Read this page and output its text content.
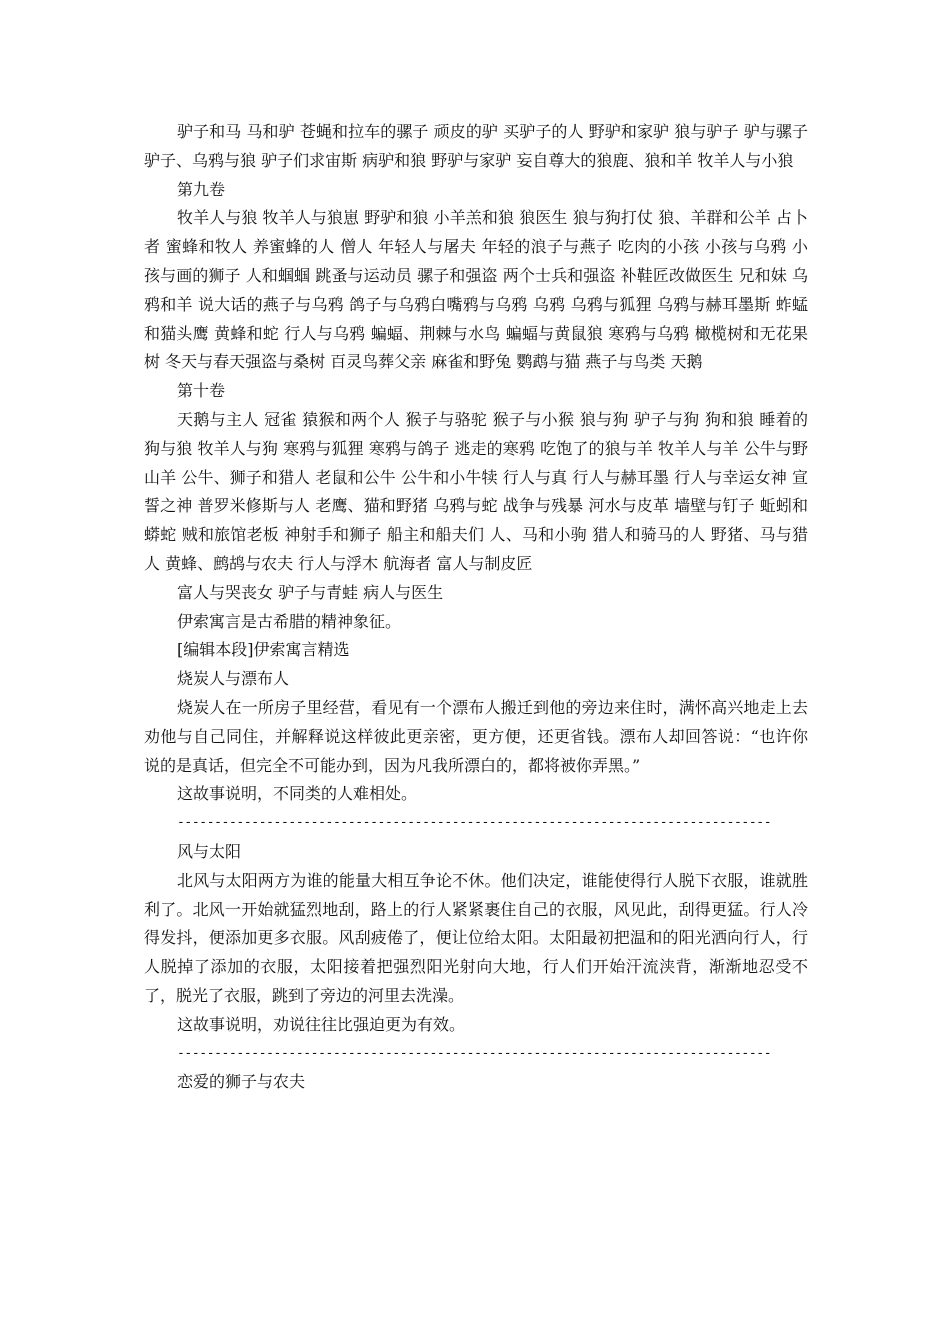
驴子和马 马和驴 苍蝇和拉车的骡子 顽皮的驴 买驴子的人 野驴和家驴 狼与驴子 驴与骡子 驴子、乌鸦与狼 驴子们求宙斯 病驴和狼 野驴与家驴 妄自尊大的狼鹿、狼和羊 牧羊人与小狼

第九卷

牧羊人与狼 牧羊人与狼崽 野驴和狼 小羊羔和狼 狼医生 狼与狗打仗 狼、羊群和公羊 占卜者 蜜蜂和牧人 养蜜蜂的人 僧人 年轻人与屠夫 年轻的浪子与燕子 吃肉的小孩 小孩与乌鸦 小孩与画的狮子 人和蝈蝈 跳蚤与运动员 骡子和强盗 两个士兵和强盗 补鞋匠改做医生 兄和妹 乌鸦和羊 说大话的燕子与乌鸦 鸽子与乌鸦白嘴鸦与乌鸦 乌鸦 乌鸦与狐狸 乌鸦与赫耳墨斯 蚱蜢和猫头鹰 黄蜂和蛇 行人与乌鸦 蝙蝠、荆棘与水鸟 蝙蝠与黄鼠狼 寒鸦与乌鸦 橄榄树和无花果树 冬天与春天强盗与桑树 百灵鸟葬父亲 麻雀和野兔 鹦鹉与猫 燕子与鸟类 天鹅

第十卷

天鹅与主人 冠雀 猿猴和两个人 猴子与骆驼 猴子与小猴 狼与狗 驴子与狗 狗和狼 睡着的狗与狼 牧羊人与狗 寒鸦与狐狸 寒鸦与鸽子 逃走的寒鸦 吃饱了的狼与羊 牧羊人与羊 公牛与野山羊 公牛、狮子和猎人 老鼠和公牛 公牛和小牛犊 行人与真 行人与赫耳墨 行人与幸运女神 宣誓之神 普罗米修斯与人 老鹰、猫和野猪 乌鸦与蛇 战争与残暴 河水与皮革 墙壁与钉子 蚯蚓和蟒蛇 贼和旅馆老板 神射手和狮子 船主和船夫们 人、马和小驹 猎人和骑马的人 野猪、马与猎人 黄蜂、鹧鸪与农夫 行人与浮木 航海者 富人与制皮匠

富人与哭丧女 驴子与青蛙 病人与医生

伊索寓言是古希腊的精神象征。

[编辑本段]伊索寓言精选

烧炭人与漂布人

烧炭人在一所房子里经营，看见有一个漂布人搬迁到他的旁边来住时，满怀高兴地走上去劝他与自己同住，并解释说这样彼此更亲密，更方便，还更省钱。漂布人却回答说：“也许你说的是真话，但完全不可能办到，因为凡我所漂白的，都将被你弄黑。”

这故事说明，不同类的人难相处。

--------------------------------------------------------------------------------

风与太阳

北风与太阳两方为谁的能量大相互争论不休。他们决定，谁能使得行人脱下衣服，谁就胜利了。北风一开始就猛烈地刮，路上的行人紧紧裹住自己的衣服，风见此，刮得更猛。行人冷得发抖，便添加更多衣服。风刮疲倦了，便让位给太阳。太阳最初把温和的阳光洒向行人，行人脱掉了添加的衣服，太阳接着把强烈阳光射向大地，行人们开始汗流浃背，渐渐地忍受不了，脱光了衣服，跳到了旁边的河里去洗澡。

这故事说明，劝说往往比强迫更为有效。

--------------------------------------------------------------------------------

恋爱的狮子与农夫
